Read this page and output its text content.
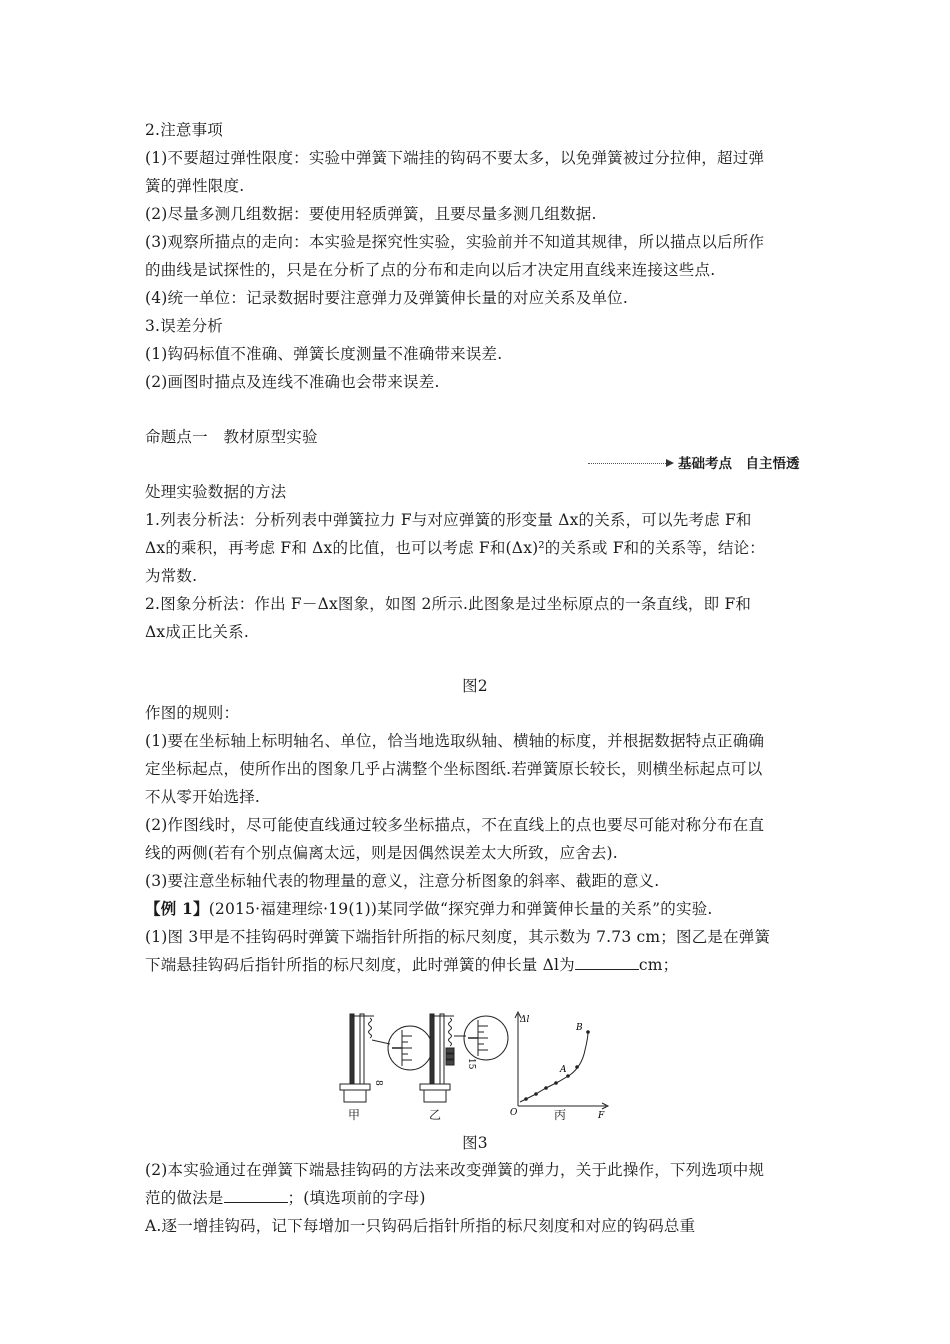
2.注意事项
(1)不要超过弹性限度：实验中弹簧下端挂的钩码不要太多，以免弹簧被过分拉伸，超过弹
簧的弹性限度.
(2)尽量多测几组数据：要使用轻质弹簧，且要尽量多测几组数据.
(3)观察所描点的走向：本实验是探究性实验，实验前并不知道其规律，所以描点以后所作
的曲线是试探性的，只是在分析了点的分布和走向以后才决定用直线来连接这些点.
(4)统一单位：记录数据时要注意弹力及弹簧伸长量的对应关系及单位.
3.误差分析
(1)钩码标值不准确、弹簧长度测量不准确带来误差.
(2)画图时描点及连线不准确也会带来误差.
命题点一　教材原型实验
基础考点　自主悟透
处理实验数据的方法
1.列表分析法：分析列表中弹簧拉力 F与对应弹簧的形变量 Δx的关系，可以先考虑 F和
Δx的乘积，再考虑 F和 Δx的比值，也可以考虑 F和(Δx)²的关系或 F和的关系等，结论：
为常数.
2.图象分析法：作出 F－Δx图象，如图 2所示.此图象是过坐标原点的一条直线，即 F和
Δx成正比关系.
图2
作图的规则：
(1)要在坐标轴上标明轴名、单位，恰当地选取纵轴、横轴的标度，并根据数据特点正确确
定坐标起点，使所作出的图象几乎占满整个坐标图纸.若弹簧原长较长，则横坐标起点可以
不从零开始选择.
(2)作图线时，尽可能使直线通过较多坐标描点，不在直线上的点也要尽可能对称分布在直
线的两侧(若有个别点偏离太远，则是因偶然误差太大所致，应舍去).
(3)要注意坐标轴代表的物理量的意义，注意分析图象的斜率、截距的意义.
【例 1】(2015·福建理综·19(1))某同学做“探究弹力和弹簧伸长量的关系”的实验.
(1)图 3甲是不挂钩码时弹簧下端指针所指的标尺刻度，其示数为 7.73 cm；图乙是在弹簧
下端悬挂钩码后指针所指的标尺刻度，此时弹簧的伸长量 Δl为	cm；
8
15
Δl
F
O
A
B
甲	乙	丙
图3
(2)本实验通过在弹簧下端悬挂钩码的方法来改变弹簧的弹力，关于此操作，下列选项中规
范的做法是	；(填选项前的字母)
A.逐一增挂钩码，记下每增加一只钩码后指针所指的标尺刻度和对应的钩码总重
